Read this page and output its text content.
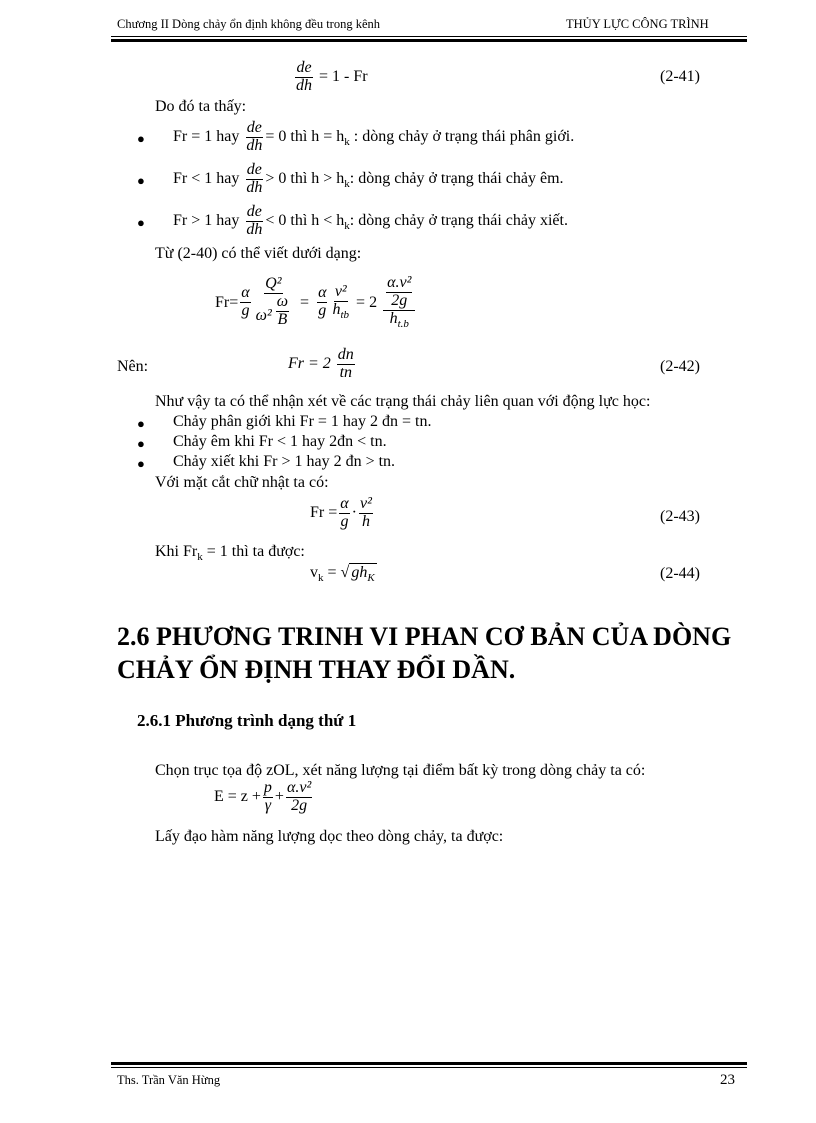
Chương II Dòng chảy ổn định không đều trong kênh	THỦY LỰC CÔNG TRÌNH
$\frac{de}{dh} = 1 - Fr$	(2-41)
Do đó ta thấy:
● Fr = 1 hay $\frac{de}{dh} = 0$ thì $h = h_k$ : dòng chảy ở trạng thái phân giới.
● Fr < 1 hay $\frac{de}{dh} > 0$ thì $h > h_k$: dòng chảy ở trạng thái chảy êm.
● Fr > 1 hay $\frac{de}{dh} < 0$ thì $h < h_k$: dòng chảy ở trạng thái chảy xiết.
Từ (2-40) có thể viết dưới dạng:
$Fr= \frac{\alpha}{g} \frac{\text{Q²}}{\omega^2 \frac{\omega}{B}} = \frac{\alpha}{g} \frac{\text{v²}}{h_{tb}} = 2 \frac{\frac{\text{α.v²}}{2g}}{h_{t.b}}$
Nên:	$Fr = 2 \frac{dn}{tn}$	(2-42)
Như vậy ta có thể nhận xét về các trạng thái chảy liên quan với động lực học:
● Chảy phân giới khi Fr = 1 hay 2 đn = tn.
● Chảy êm khi Fr < 1 hay 2đn < tn.
● Chảy xiết khi Fr > 1 hay 2 đn > tn.
Với mặt cắt chữ nhật ta có:
$Fr = \frac{\alpha}{g} \cdot \frac{\text{v²}}{h}$	(2-43)
Khi $Fr_k = 1$ thì ta được:
$v_k$ = √ $gh_K$	(2-44)
2.6 PHƯƠNG TRINH VI PHAN CƠ BẢN CỦA DÒNG
CHẢY ỔN ĐỊNH THAY ĐỔI DẦN.
2.6.1 Phương trình dạng thứ 1
Chọn trục tọa độ zOL, xét năng lượng tại điểm bất kỳ trong dòng chảy ta có:
$E = z + \frac{p}{\gamma} + \frac{\text{α.v²}}{2g}$
Lấy đạo hàm năng lượng dọc theo dòng chảy, ta được:
Ths. Trần Văn Hừng	23
